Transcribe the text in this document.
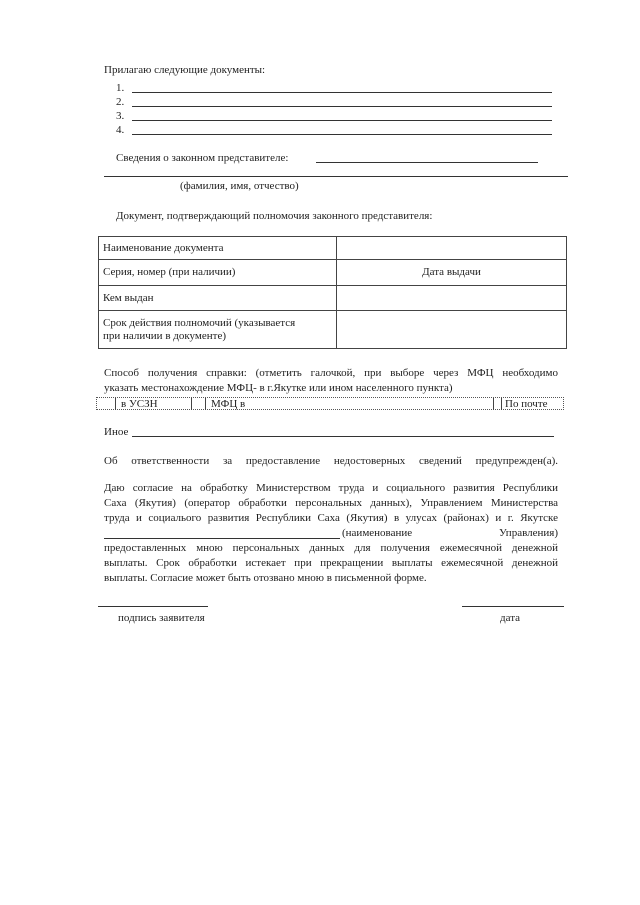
Прилагаю следующие документы:
1.
2.
3.
4.
Сведения о законном представителе:
(фамилия, имя, отчество)
Документ, подтверждающий полномочия законного представителя:
Наименование документа	
Серия, номер (при наличии)	Дата выдачи
Кем выдан	
Срок действия полномочий (указывается
при наличии в документе)	
Способ получения справки: (отметить галочкой, при выборе через МФЦ необходимо
указать местонахождение МФЦ- в г.Якутке или ином населенного пункта)
в УСЗН	МФЦ в	По почте
Иное
Об ответственности за предоставление недостоверных сведений предупрежден(а).
Даю согласие на обработку Министерством труда и социального развития Республики
Саха (Якутия) (оператор обработки персональных данных), Управлением Министерства
труда и социалього развития Республики Саха (Якутия) в улусах (районах) и г. Якутске
(наименование	Управления)
предоставленных мною персональных данных для получения ежемесячной денежной
выплаты. Срок обработки истекает при прекращении выплаты ежемесячной денежной
выплаты. Согласие может быть отозвано мною в письменной форме.
подпись заявителя	дата
